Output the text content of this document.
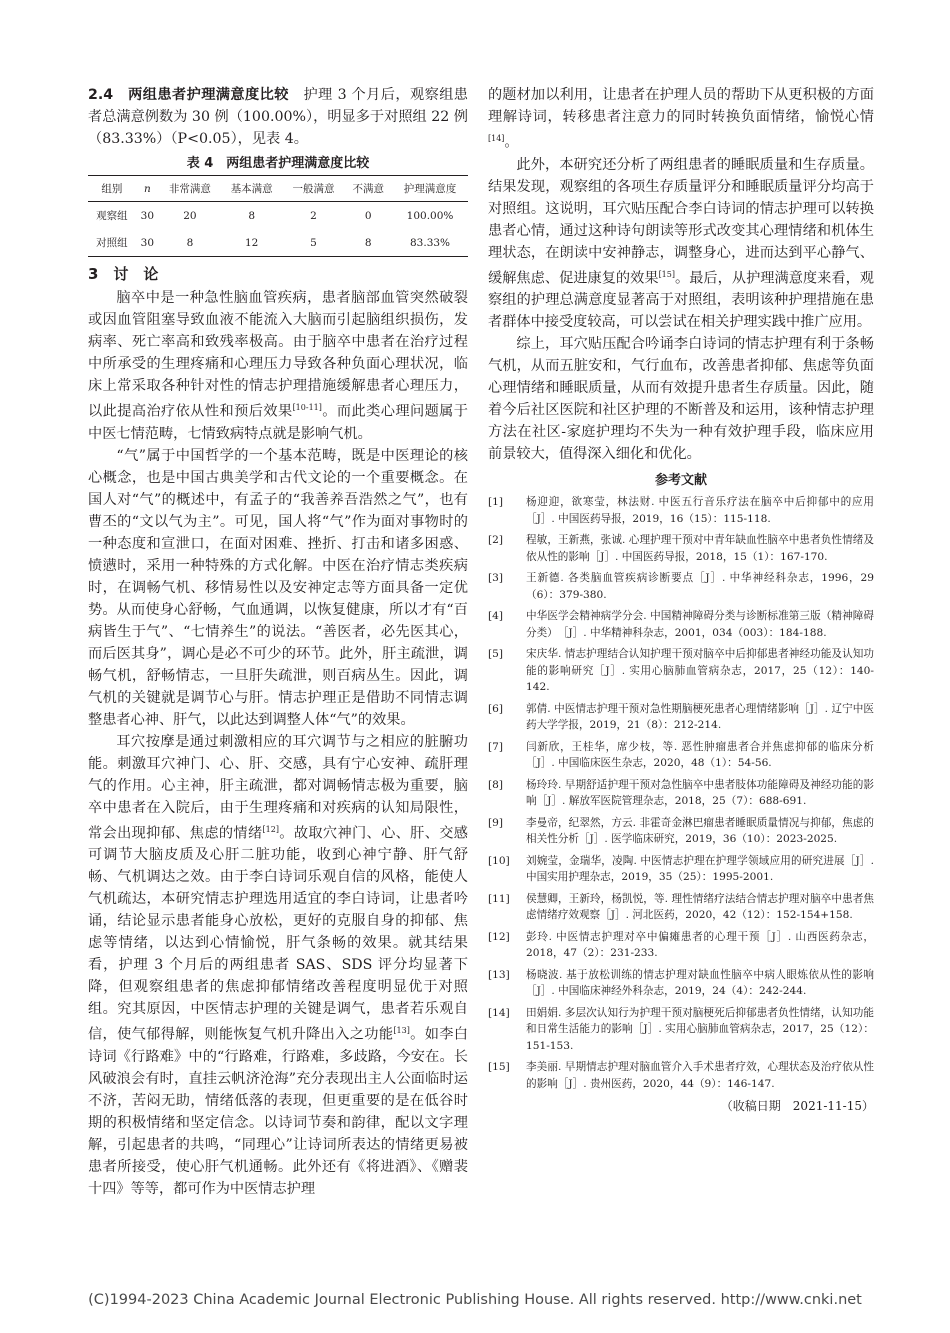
2.4　两组患者护理满意度比较　护理 3 个月后，观察组患者总满意例数为 30 例（100.00%），明显多于对照组 22 例（83.33%）（P<0.05），见表 4。

表 4　两组患者护理满意度比较
组别	n	非常满意	基本满意	一般满意	不满意	护理满意度
观察组	30	20	8	2	0	100.00%
对照组	30	8	12	5	8	83.33%
3　讨　论

脑卒中是一种急性脑血管疾病，患者脑部血管突然破裂或因血管阻塞导致血液不能流入大脑而引起脑组织损伤，发病率、死亡率高和致残率极高。由于脑卒中患者在治疗过程中所承受的生理疼痛和心理压力导致各种负面心理状况，临床上常采取各种针对性的情志护理措施缓解患者心理压力，以此提高治疗依从性和预后效果[10-11]。而此类心理问题属于中医七情范畴，七情致病特点就是影响气机。

“气”属于中国哲学的一个基本范畴，既是中医理论的核心概念，也是中国古典美学和古代文论的一个重要概念。在国人对“气”的概述中，有孟子的“我善养吾浩然之气”，也有曹丕的“文以气为主”。可见，国人将“气”作为面对事物时的一种态度和宣泄口，在面对困难、挫折、打击和诸多困惑、愤懑时，采用一种特殊的方式化解。中医在治疗情志类疾病时，在调畅气机、移情易性以及安神定志等方面具备一定优势。从而使身心舒畅，气血通调，以恢复健康，所以才有“百病皆生于气”、“七情养生”的说法。“善医者，必先医其心，而后医其身”，调心是必不可少的环节。此外，肝主疏泄，调畅气机，舒畅情志，一旦肝失疏泄，则百病丛生。因此，调气机的关键就是调节心与肝。情志护理正是借助不同情志调整患者心神、肝气，以此达到调整人体“气”的效果。

耳穴按摩是通过刺激相应的耳穴调节与之相应的脏腑功能。刺激耳穴神门、心、肝、交感，具有宁心安神、疏肝理气的作用。心主神，肝主疏泄，都对调畅情志极为重要，脑卒中患者在入院后，由于生理疼痛和对疾病的认知局限性，常会出现抑郁、焦虑的情绪[12]。故取穴神门、心、肝、交感可调节大脑皮质及心肝二脏功能，收到心神宁静、肝气舒畅、气机调达之效。由于李白诗词乐观自信的风格，能使人气机疏达，本研究情志护理选用适宜的李白诗词，让患者吟诵，结论显示患者能身心放松，更好的克服自身的抑郁、焦虑等情绪，以达到心情愉悦，肝气条畅的效果。就其结果看，护理 3 个月后的两组患者 SAS、SDS 评分均显著下降，但观察组患者的焦虑抑郁情绪改善程度明显优于对照组。究其原因，中医情志护理的关键是调气，患者若乐观自信，使气郁得解，则能恢复气机升降出入之功能[13]。如李白诗词《行路难》中的“行路难，行路难，多歧路，今安在。长风破浪会有时，直挂云帆济沧海”充分表现出主人公面临时运不济，苦闷无助，情绪低落的表现，但更重要的是在低谷时期的积极情绪和坚定信念。以诗词节奏和韵律，配以文字理解，引起患者的共鸣，“同理心”让诗词所表达的情绪更易被患者所接受，使心肝气机通畅。此外还有《将进酒》、《赠裴十四》等等，都可作为中医情志护理

的题材加以利用，让患者在护理人员的帮助下从更积极的方面理解诗词，转移患者注意力的同时转换负面情绪，愉悦心情[14]。

此外，本研究还分析了两组患者的睡眠质量和生存质量。结果发现，观察组的各项生存质量评分和睡眠质量评分均高于对照组。这说明，耳穴贴压配合李白诗词的情志护理可以转换患者心情，通过这种诗句朗读等形式改变其心理情绪和机体生理状态，在朗读中安神静志，调整身心，进而达到平心静气、缓解焦虑、促进康复的效果[15]。最后，从护理满意度来看，观察组的护理总满意度显著高于对照组，表明该种护理措施在患者群体中接受度较高，可以尝试在相关护理实践中推广应用。

综上，耳穴贴压配合吟诵李白诗词的情志护理有利于条畅气机，从而五脏安和，气行血布，改善患者抑郁、焦虑等负面心理情绪和睡眠质量，从而有效提升患者生存质量。因此，随着今后社区医院和社区护理的不断普及和运用，该种情志护理方法在社区-家庭护理均不失为一种有效护理手段，临床应用前景较大，值得深入细化和优化。

参考文献
[1]	杨迎迎，欲寒莹，林法财. 中医五行音乐疗法在脑卒中后抑郁中的应用［J］. 中国医药导报，2019，16（15）：115-118.
[2]	程敏，王新燕，张诚. 心理护理干预对中青年缺血性脑卒中患者负性情绪及依从性的影响［J］. 中国医药导报，2018，15（1）：167-170.
[3]	王新德. 各类脑血管疾病诊断要点［J］. 中华神经科杂志，1996，29（6）：379-380.
[4]	中华医学会精神病学分会. 中国精神障碍分类与诊断标准第三版（精神障碍分类）　［J］. 中华精神科杂志，2001，034（003）：184-188.
[5]	宋庆华. 情志护理结合认知护理干预对脑卒中后抑郁患者神经功能及认知功能的影响研究［J］. 实用心脑肺血管病杂志，2017，25（12）：140-142.
[6]	郭倩. 中医情志护理干预对急性期脑梗死患者心理情绪影响［J］. 辽宁中医药大学学报，2019，21（8）：212-214.
[7]	闫新欣，王桂华，席少枝，等. 恶性肿瘤患者合并焦虑抑郁的临床分析［J］. 中国临床医生杂志，2020，48（1）：54-56.
[8]	杨玲玲. 早期舒适护理干预对急性脑卒中患者肢体功能障碍及神经功能的影响［J］. 解放军医院管理杂志，2018，25（7）：688-691.
[9]	李曼帝，纪翠然，方云. 非霍奇金淋巴瘤患者睡眠质量情况与抑郁，焦虑的相关性分析［J］. 医学临床研究，2019，36（10）：2023-2025.
[10]	刘婉莹，金瑞华，凌陶. 中医情志护理在护理学领域应用的研究进展［J］. 中国实用护理杂志，2019，35（25）：1995-2001.
[11]	侯慧卿，王新玲，杨凯悦，等. 理性情绪疗法结合情志护理对脑卒中患者焦虑情绪疗效观察［J］. 河北医药，2020，42（12）：152-154+158.
[12]	彭玲. 中医情志护理对卒中偏瘫患者的心理干预［J］. 山西医药杂志，2018，47（2）：231-233.
[13]	杨晓波. 基于放松训练的情志护理对缺血性脑卒中病人眼炼依从性的影响［J］. 中国临床神经外科杂志，2019，24（4）：242-244.
[14]	田娟娟. 多层次认知行为护理干预对脑梗死后抑郁患者负性情绪，认知功能和日常生活能力的影响［J］. 实用心脑肺血管病杂志，2017，25（12）：151-153.
[15]	李美丽. 早期情志护理对脑血管介入手术患者疗效，心理状态及治疗依从性的影响［J］. 贵州医药，2020，44（9）：146-147.
（收稿日期　2021-11-15）
(C)1994-2023 China Academic Journal Electronic Publishing House. All rights reserved. http://www.cnki.net
